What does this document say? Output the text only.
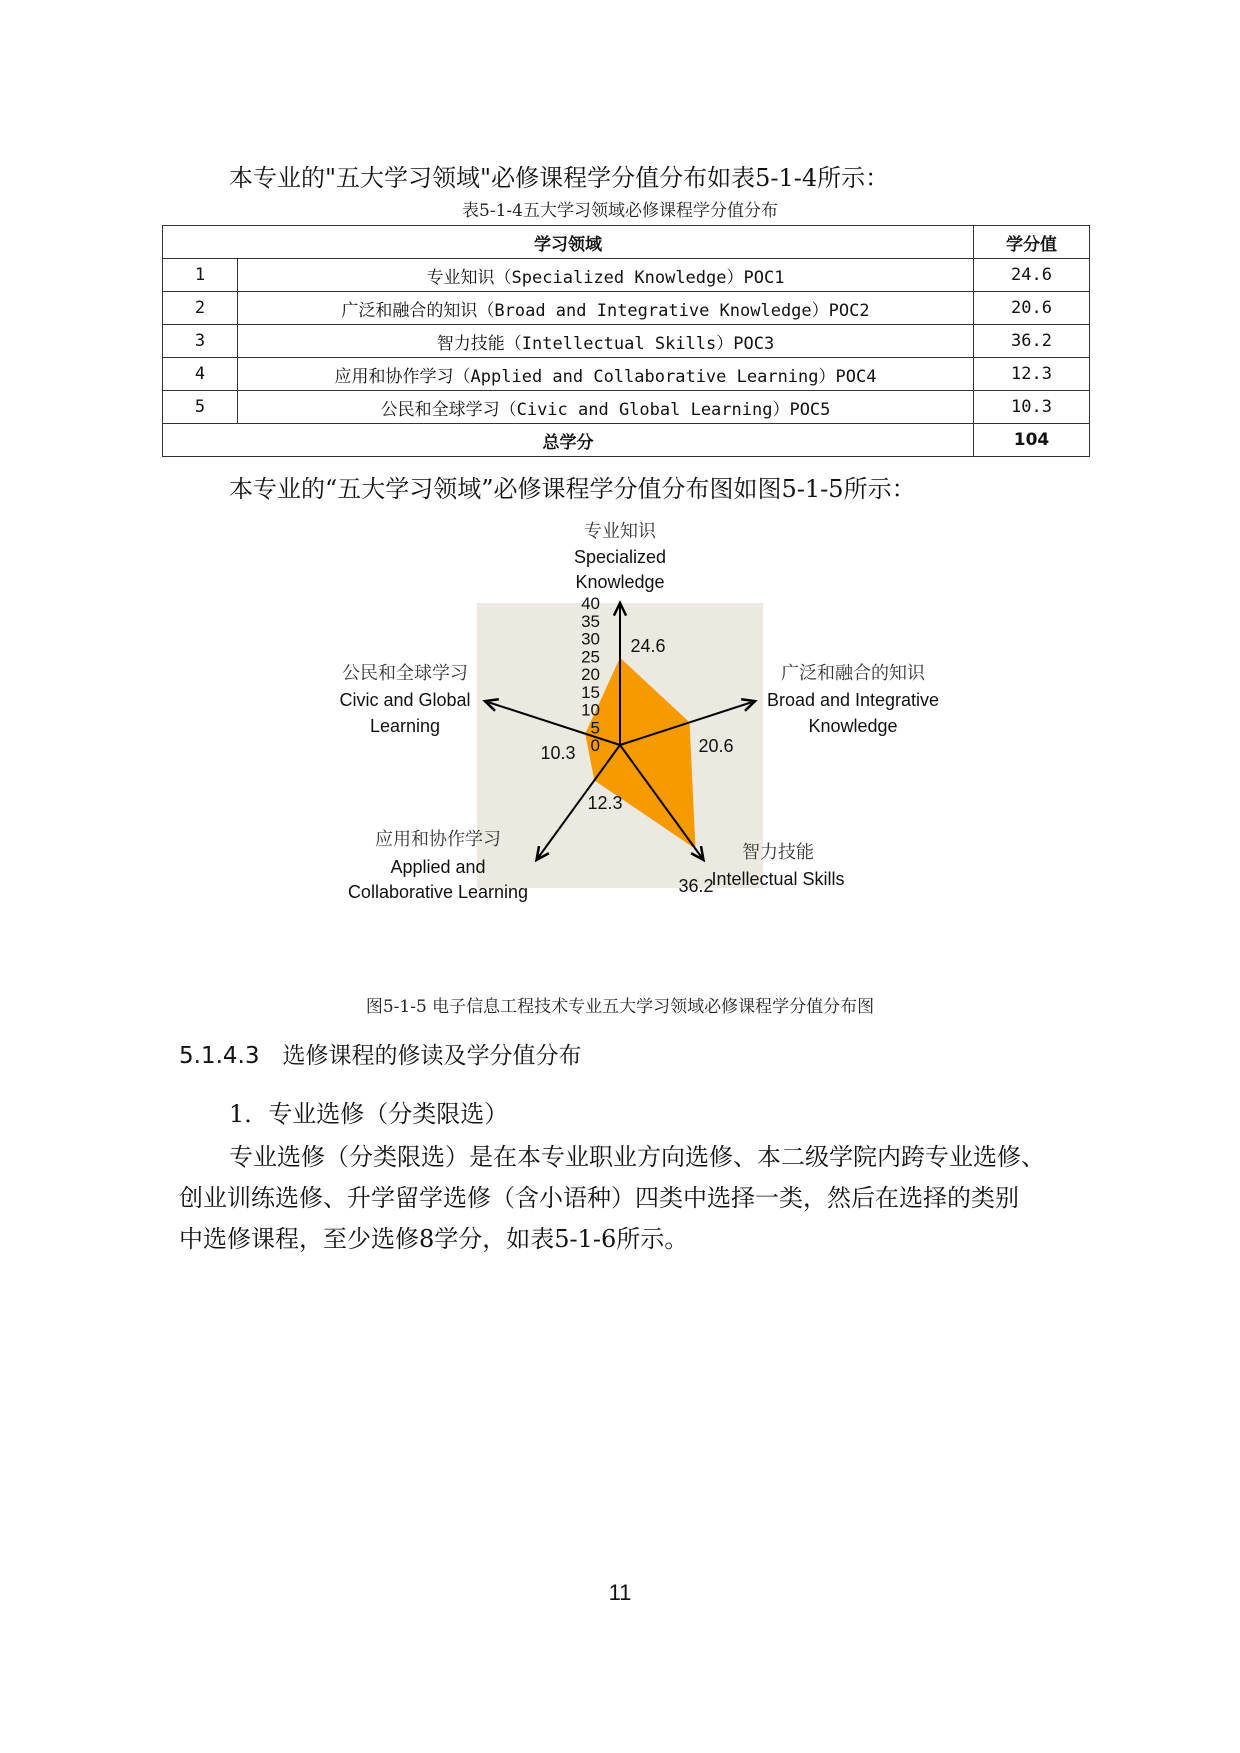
本专业的"五大学习领域"必修课程学分值分布如表5-1-4所示：
表5-1-4五大学习领域必修课程学分值分布
学习领域		学分值
1	专业知识（Specialized Knowledge）POC1	24.6
2	广泛和融合的知识（Broad and Integrative Knowledge）POC2	20.6
3	智力技能（Intellectual Skills）POC3	36.2
4	应用和协作学习（Applied and Collaborative Learning）POC4	12.3
5	公民和全球学习（Civic and Global Learning）POC5	10.3
总学分		104
本专业的“五大学习领域”必修课程学分值分布图如图5-1-5所示：
0
5
10
15
20
25
30
35
40
专业知识
Specialized
Knowledge
24.6
广泛和融合的知识
Broad and Integrative
Knowledge
20.6
智力技能
Intellectual Skills
36.2
应用和协作学习
Applied and
Collaborative Learning
12.3
公民和全球学习
Civic and Global
Learning
10.3
图5-1-5 电子信息工程技术专业五大学习领域必修课程学分值分布图
5.1.4.3　选修课程的修读及学分值分布
1．专业选修（分类限选）
专业选修（分类限选）是在本专业职业方向选修、本二级学院内跨专业选修、
创业训练选修、升学留学选修（含小语种）四类中选择一类，然后在选择的类别
中选修课程，至少选修8学分，如表5-1-6所示。
11
